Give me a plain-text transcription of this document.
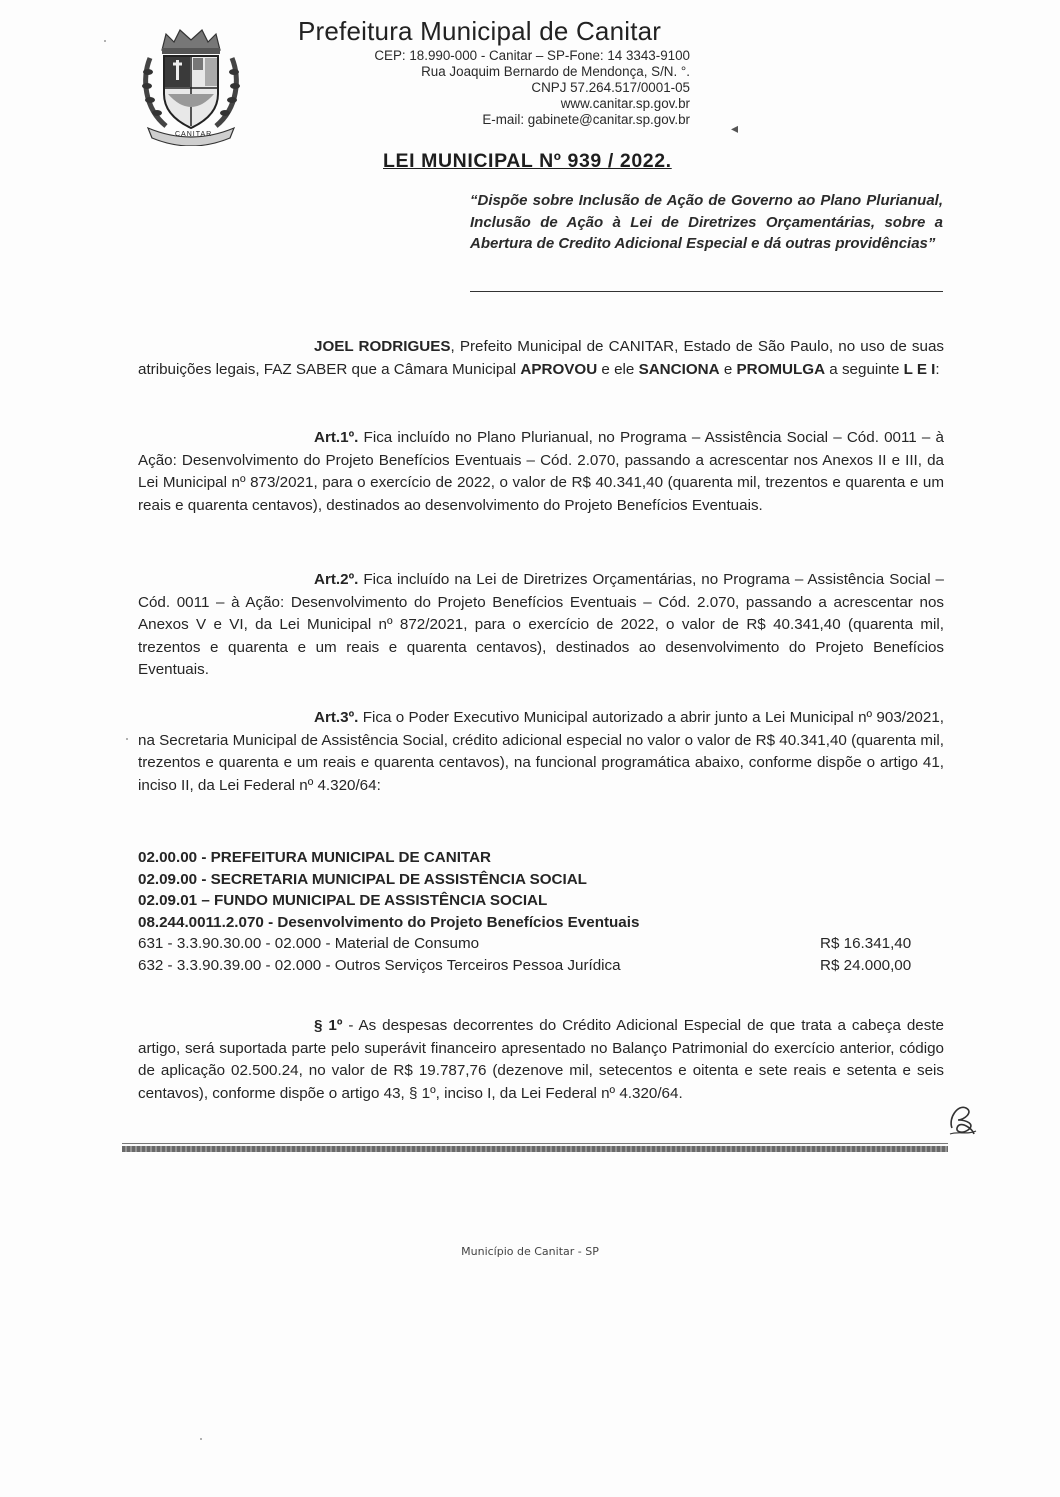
CANITAR
Prefeitura Municipal de Canitar
CEP: 18.990-000 - Canitar – SP-Fone: 14 3343-9100
Rua Joaquim Bernardo de Mendonça, S/N. °.
CNPJ 57.264.517/0001-05
www.canitar.sp.gov.br
E-mail: gabinete@canitar.sp.gov.br
◂
LEI MUNICIPAL Nº 939 / 2022.
“Dispõe sobre Inclusão de Ação de Governo ao Plano Plurianual, Inclusão de Ação à Lei de Diretrizes Orçamentárias, sobre a Abertura de Credito Adicional Especial e dá outras providências”
JOEL RODRIGUES, Prefeito Municipal de CANITAR, Estado de São Paulo, no uso de suas atribuições legais, FAZ SABER que a Câmara Municipal APROVOU e ele SANCIONA e PROMULGA a seguinte L E I:
Art.1º. Fica incluído no Plano Plurianual, no Programa – Assistência Social – Cód. 0011 – à Ação: Desenvolvimento do Projeto Benefícios Eventuais – Cód. 2.070, passando a acrescentar nos Anexos II e III, da Lei Municipal nº 873/2021, para o exercício de 2022, o valor de R$ 40.341,40 (quarenta mil, trezentos e quarenta e um reais e quarenta centavos), destinados ao desenvolvimento do Projeto Benefícios Eventuais.
Art.2º. Fica incluído na Lei de Diretrizes Orçamentárias, no Programa – Assistência Social – Cód. 0011 – à Ação: Desenvolvimento do Projeto Benefícios Eventuais – Cód. 2.070, passando a acrescentar nos Anexos V e VI, da Lei Municipal nº 872/2021, para o exercício de 2022, o valor de R$ 40.341,40 (quarenta mil, trezentos e quarenta e um reais e quarenta centavos), destinados ao desenvolvimento do Projeto Benefícios Eventuais.
Art.3º. Fica o Poder Executivo Municipal autorizado a abrir junto a Lei Municipal nº 903/2021, na Secretaria Municipal de Assistência Social, crédito adicional especial no valor o valor de R$ 40.341,40 (quarenta mil, trezentos e quarenta e um reais e quarenta centavos), na funcional programática abaixo, conforme dispõe o artigo 41, inciso II, da Lei Federal nº 4.320/64:
02.00.00 - PREFEITURA MUNICIPAL DE CANITAR
02.09.00 - SECRETARIA MUNICIPAL DE ASSISTÊNCIA SOCIAL
02.09.01 – FUNDO MUNICIPAL DE ASSISTÊNCIA SOCIAL
08.244.0011.2.070 - Desenvolvimento do Projeto Benefícios Eventuais
631 - 3.3.90.30.00 - 02.000 - Material de Consumo	R$ 16.341,40
632 - 3.3.90.39.00 - 02.000 - Outros Serviços Terceiros Pessoa Jurídica	R$ 24.000,00
§ 1º - As despesas decorrentes do Crédito Adicional Especial de que trata a cabeça deste artigo, será suportada parte pelo superávit financeiro apresentado no Balanço Patrimonial do exercício anterior, código de aplicação 02.500.24, no valor de R$ 19.787,76 (dezenove mil, setecentos e oitenta e sete reais e setenta e seis centavos), conforme dispõe o artigo 43, § 1º, inciso I, da Lei Federal nº 4.320/64.
Município de Canitar - SP
